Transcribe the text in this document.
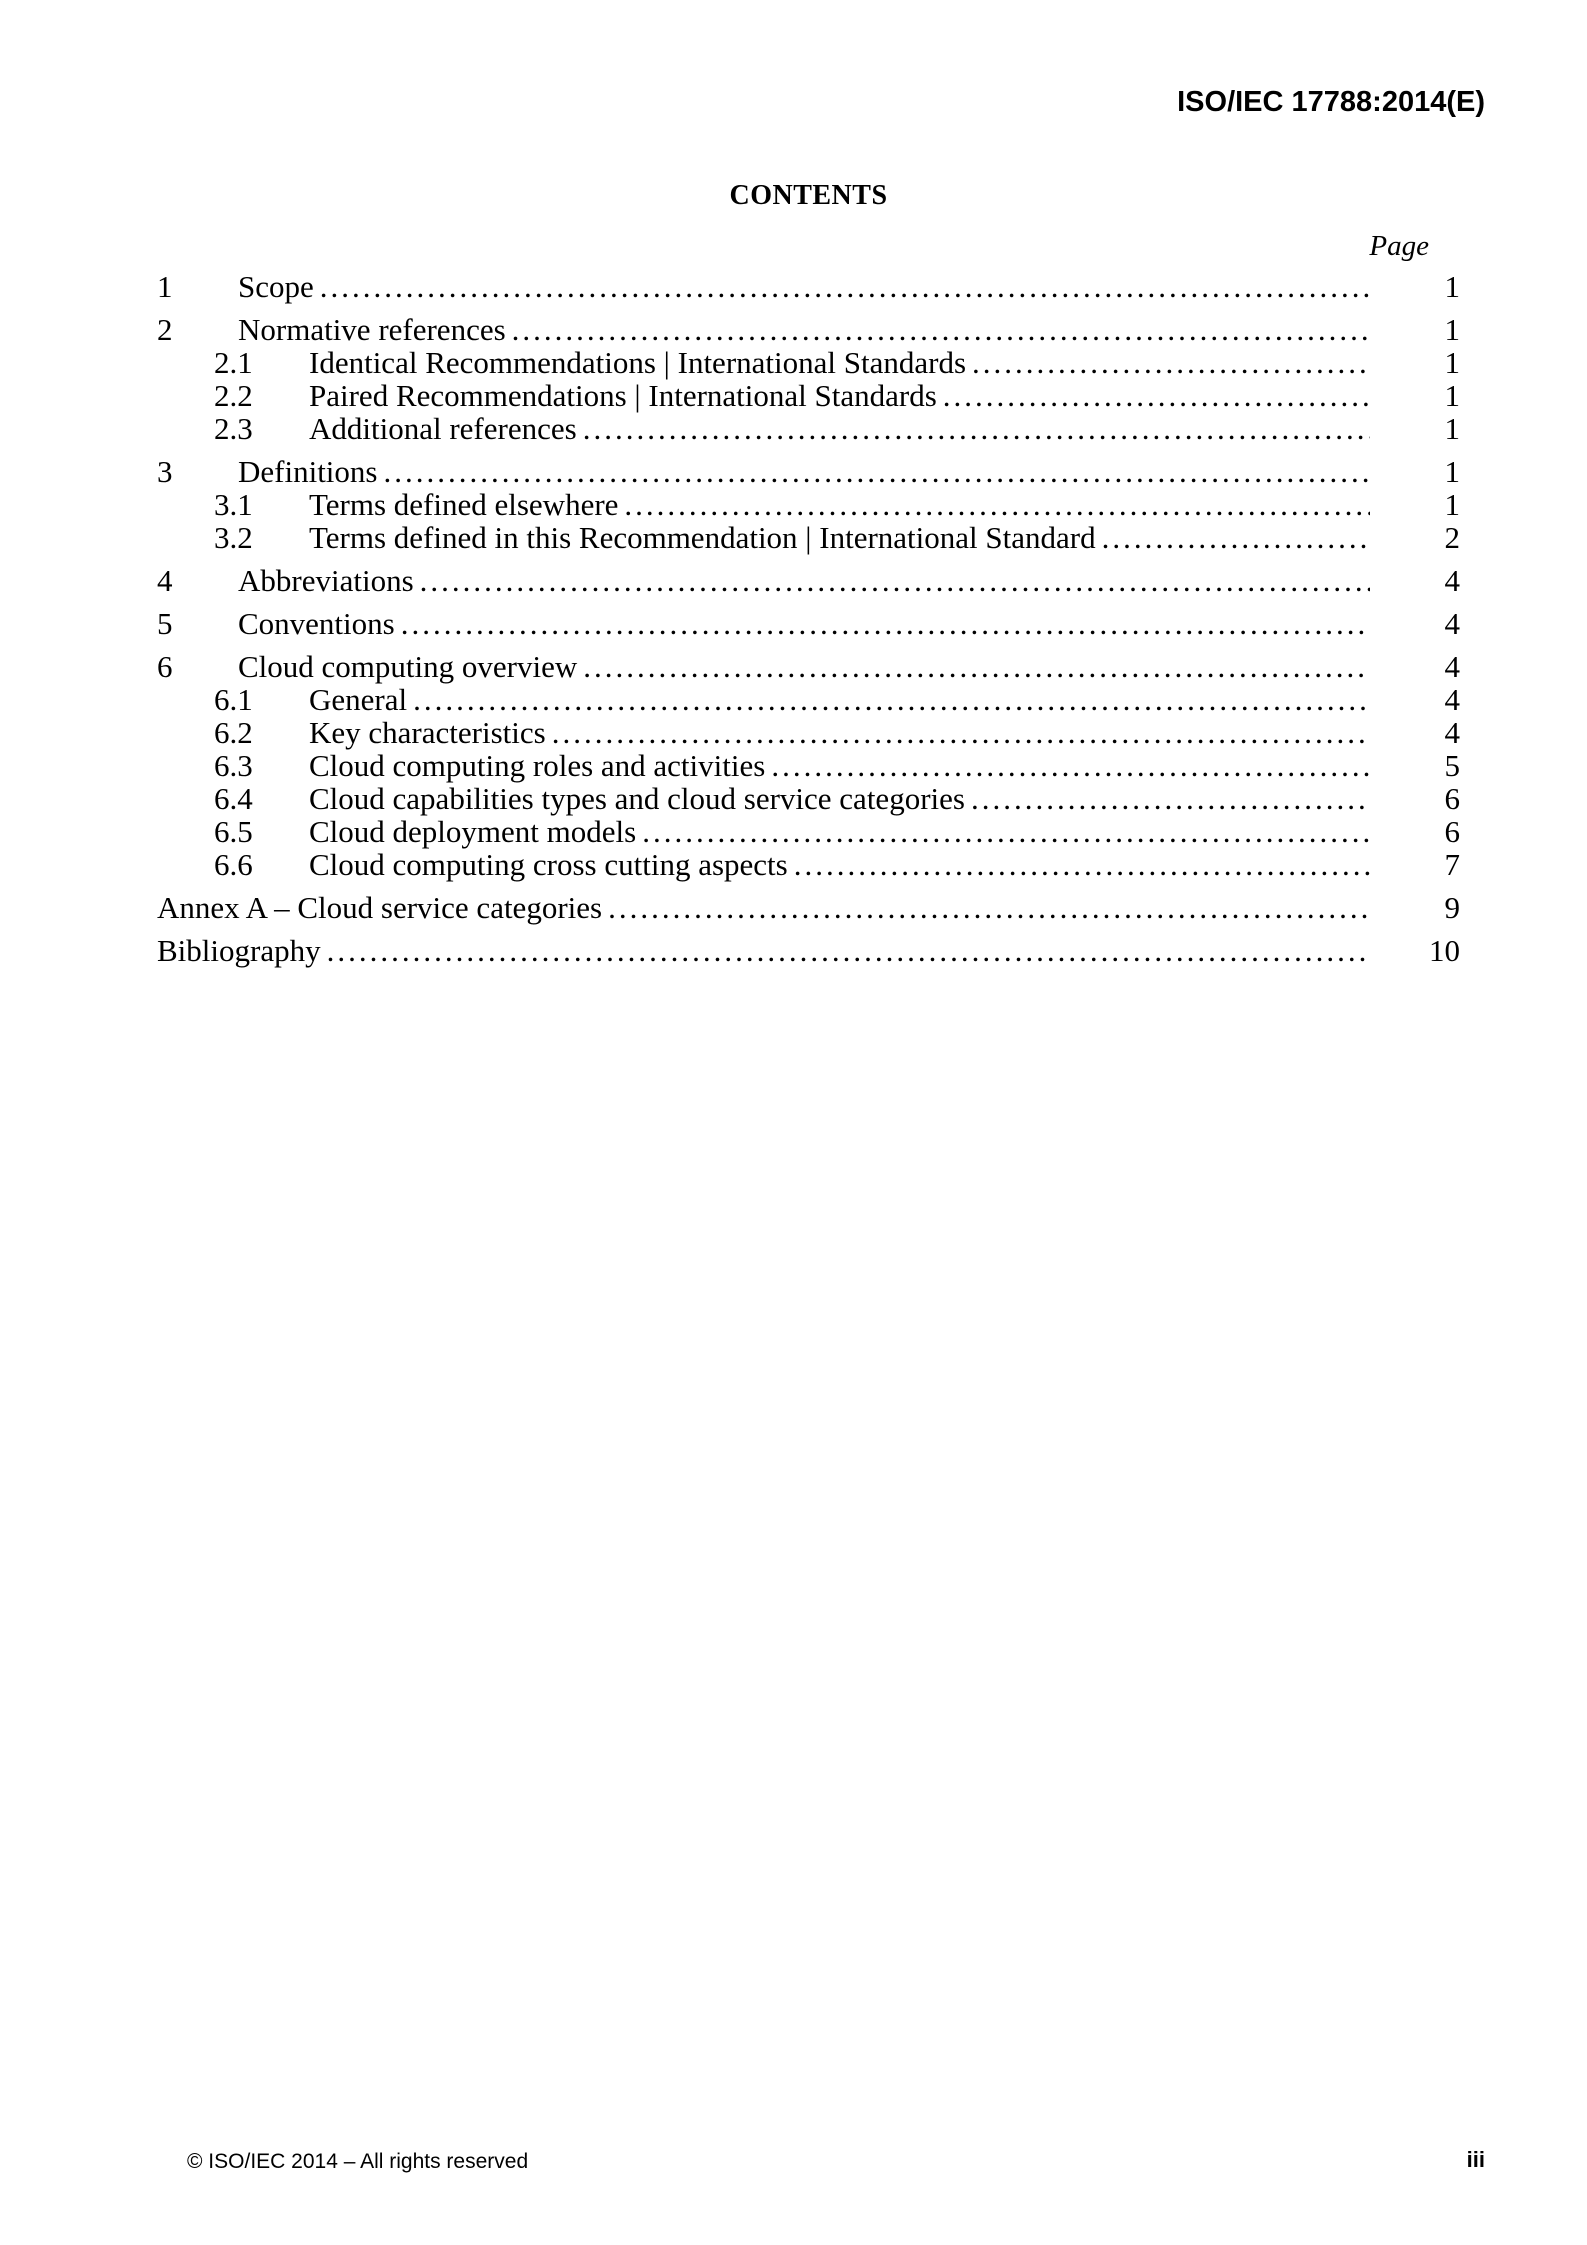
ISO/IEC 17788:2014(E)
CONTENTS
Page
1	Scope .....	1
2	Normative references .....	1
2.1	Identical Recommendations | International Standards .....	1
2.2	Paired Recommendations | International Standards .....	1
2.3	Additional references .....	1
3	Definitions .....	1
3.1	Terms defined elsewhere .....	1
3.2	Terms defined in this Recommendation | International Standard .....	2
4	Abbreviations .....	4
5	Conventions .....	4
6	Cloud computing overview .....	4
6.1	General .....	4
6.2	Key characteristics .....	4
6.3	Cloud computing roles and activities .....	5
6.4	Cloud capabilities types and cloud service categories .....	6
6.5	Cloud deployment models .....	6
6.6	Cloud computing cross cutting aspects .....	7
Annex A – Cloud service categories .....	9
Bibliography .....	10
© ISO/IEC 2014 – All rights reserved	iii
